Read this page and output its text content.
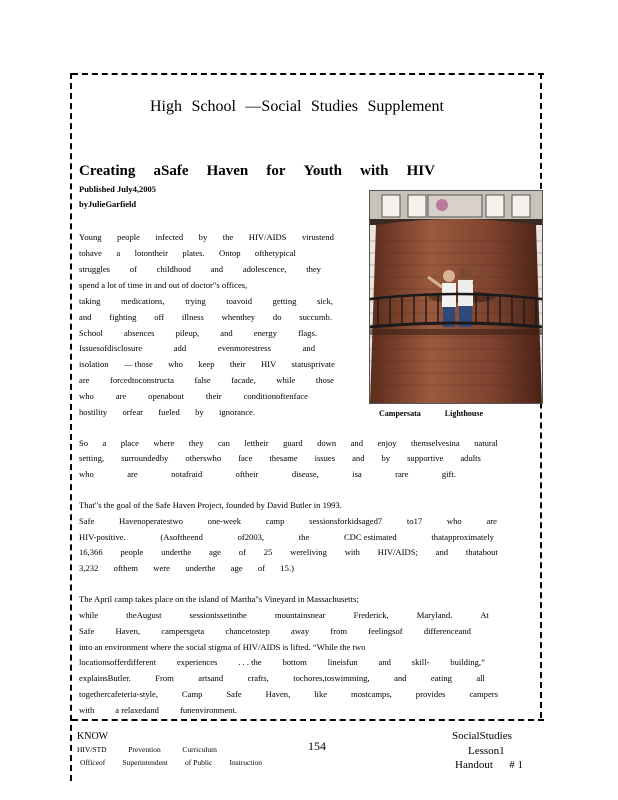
High School —Social Studies Supplement
Creating aSafe Haven for Youth with HIV
Published July4,2005
byJulieGarfield
Young people infected by the HIV/AIDS virustend
tohave a lotontheir plates. Ontop ofthetypical
struggles of childhood and adolescence, they
spend a lot of time in and out of doctor"s offices,
taking medications, trying toavoid getting sick,
and fighting off illness whenthey do succumb.
School absences pileup, and energy flags.
Issuesofdisclosure	add	evenmorestress	and
isolation — those who keep their HIV statusprivate
are forcedtoconstructa false facade, while those
who	are	openabout	their	conditionoftenface
hostility orfear fueled by ignorance.
So a place where they can lettheir guard down and enjoy themselvesina natural
setting, surroundedby otherswho face thesame issues and by supportive adults
who	are	notafraid	oftheir	disease,	isa	rare	gift.
That"s the goal of the Safe Haven Project, founded by David Butler in 1993.
Safe	Havenoperatestwo	one-week	camp	sessionsforkidsaged7	to17	who	are
HIV-positive.	(Asoftheend	of2003,	the	CDC estimated	thatapproximately
16,366 people underthe age of 25 wereliving with HIV/AIDS; and thatabout
3,232 ofthem were underthe age of 15.)
The April camp takes place on the island of Martha"s Vineyard in Massachusetts;
while	theAugust	sessionissetinthe	mountainsnear	Frederick,	Maryland.	At
Safe Haven, campersgeta chancetostep away from feelingsof differenceand
into an environment where the social stigma of HIV/AIDS is lifted. “While the two
locationsofferdifferent experiences . . . the bottom lineisfun and skill- building,”
explainsButler.	From	artsand	crafts,	tochores,toswimming,	and	eating	all
togethercafeteria-style,	Camp	Safe	Haven,	like	mostcamps,	provides	campers
with a relaxedand funenvironment.
Campersata	Lighthouse
KNOW
HIV/STD	Prevention	Curriculum
Officeof Superintendent of Public Instruction
154
SocialStudies
Lesson1
Handout # 1
